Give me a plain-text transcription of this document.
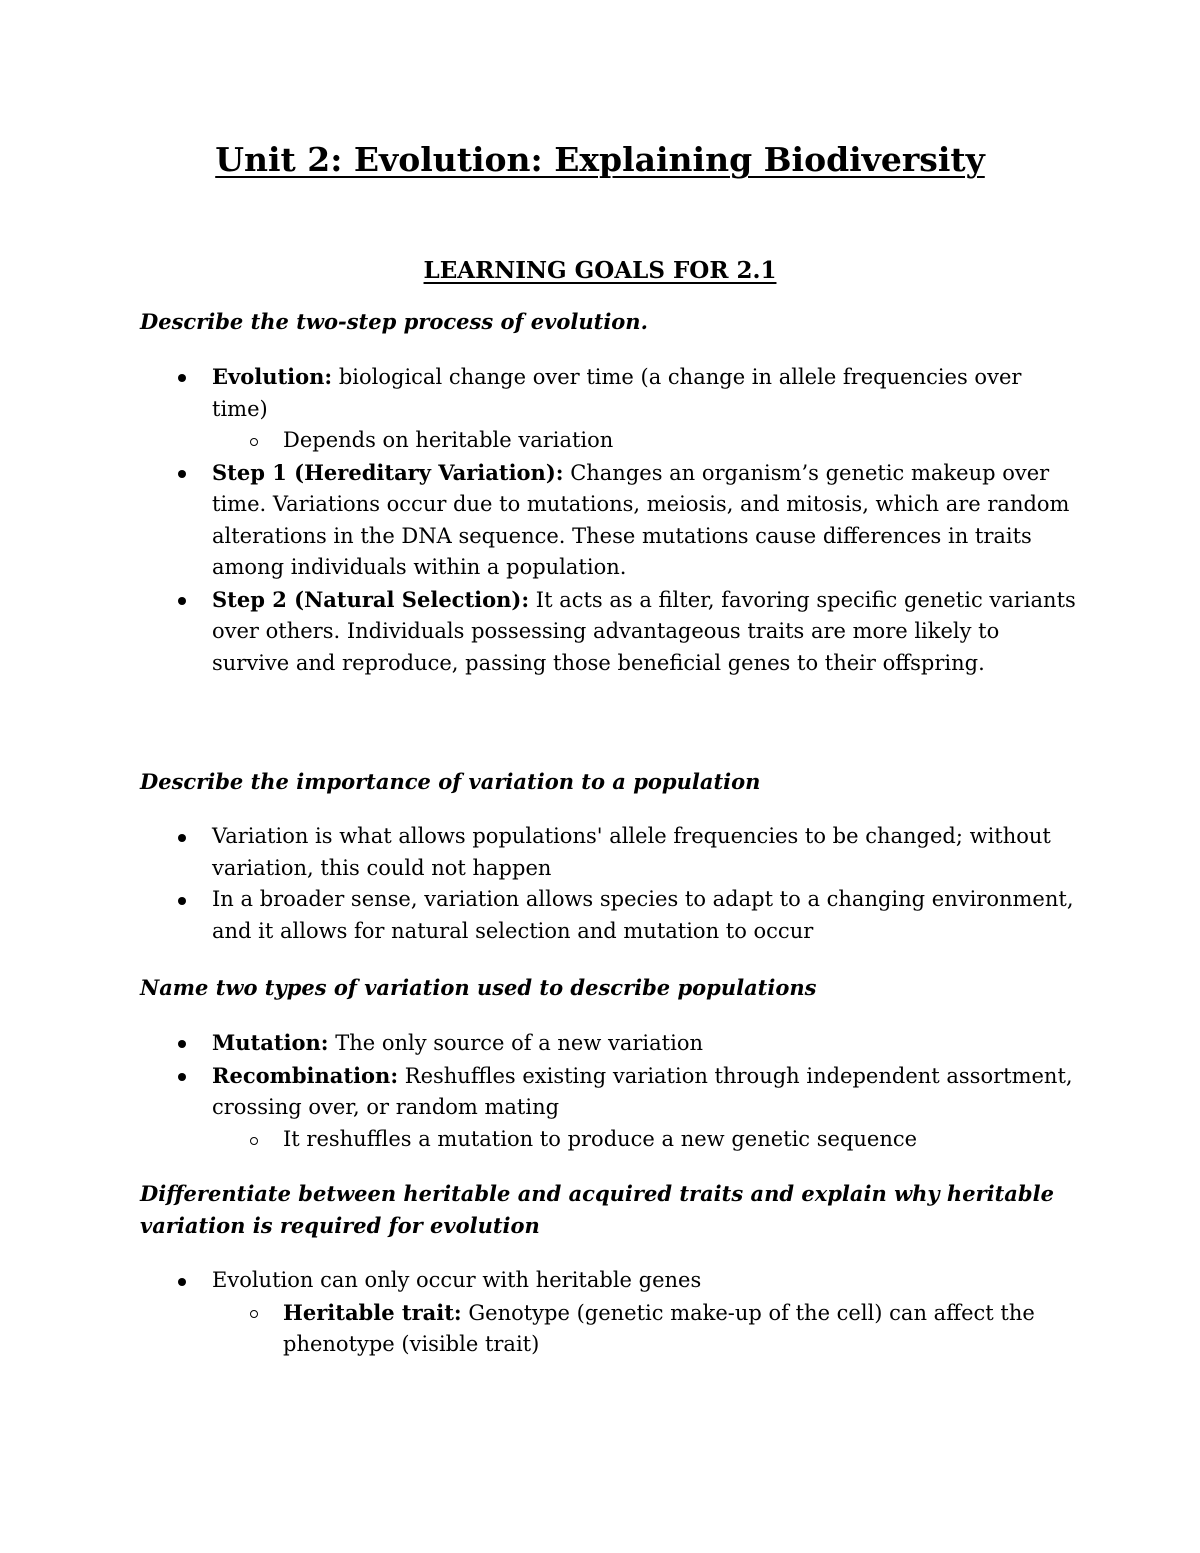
Unit 2: Evolution: Explaining Biodiversity
LEARNING GOALS FOR 2.1
Describe the two-step process of evolution.
Evolution: biological change over time (a change in allele frequencies over time)
Depends on heritable variation
Step 1 (Hereditary Variation): Changes an organism’s genetic makeup over time. Variations occur due to mutations, meiosis, and mitosis, which are random alterations in the DNA sequence. These mutations cause differences in traits among individuals within a population.
Step 2 (Natural Selection): It acts as a filter, favoring specific genetic variants over others. Individuals possessing advantageous traits are more likely to survive and reproduce, passing those beneficial genes to their offspring.
Describe the importance of variation to a population
Variation is what allows populations' allele frequencies to be changed; without variation, this could not happen
In a broader sense, variation allows species to adapt to a changing environment, and it allows for natural selection and mutation to occur
Name two types of variation used to describe populations
Mutation: The only source of a new variation
Recombination: Reshuffles existing variation through independent assortment, crossing over, or random mating
It reshuffles a mutation to produce a new genetic sequence
Differentiate between heritable and acquired traits and explain why heritable variation is required for evolution
Evolution can only occur with heritable genes
Heritable trait: Genotype (genetic make-up of the cell) can affect the phenotype (visible trait)
